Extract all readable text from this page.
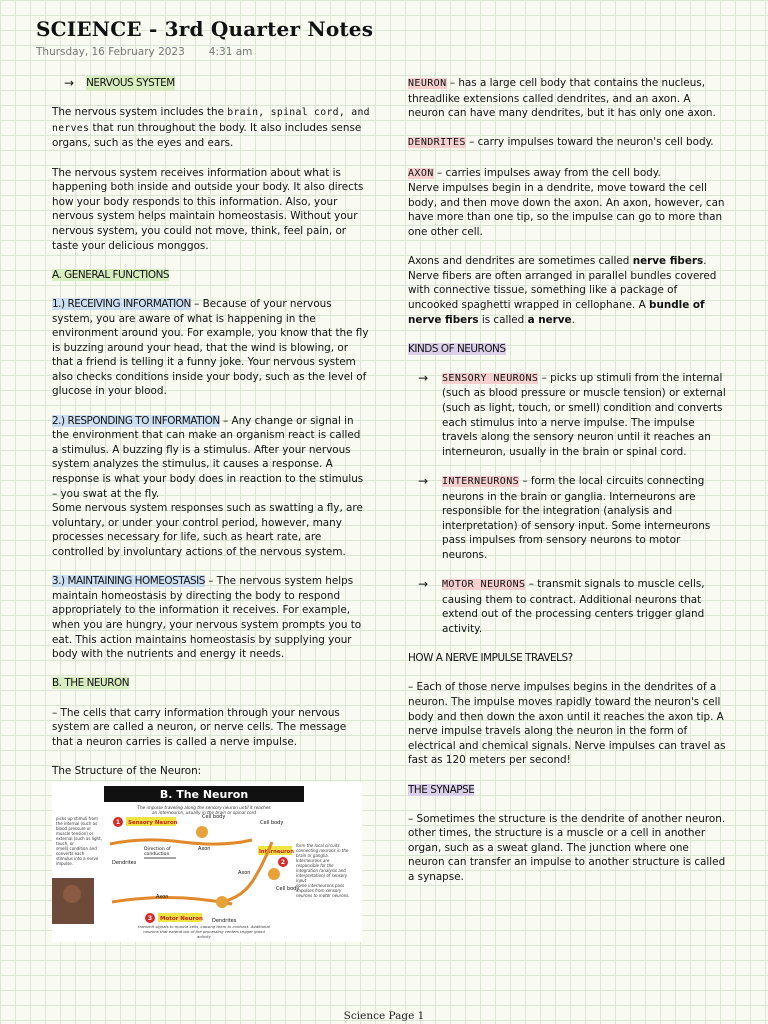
SCIENCE - 3rd Quarter Notes
Thursday, 16 February 2023 4:31 am
→ NERVOUS SYSTEM

The nervous system includes the brain, spinal cord, and nerves that run throughout the body. It also includes sense organs, such as the eyes and ears.

The nervous system receives information about what is happening both inside and outside your body. It also directs how your body responds to this information. Also, your nervous system helps maintain homeostasis. Without your nervous system, you could not move, think, feel pain, or taste your delicious monggos.

A. GENERAL FUNCTIONS

1.) RECEIVING INFORMATION – Because of your nervous system, you are aware of what is happening in the environment around you. For example, you know that the fly is buzzing around your head, that the wind is blowing, or that a friend is telling it a funny joke. Your nervous system also checks conditions inside your body, such as the level of glucose in your blood.

2.) RESPONDING TO INFORMATION – Any change or signal in the environment that can make an organism react is called a stimulus. A buzzing fly is a stimulus. After your nervous system analyzes the stimulus, it causes a response. A response is what your body does in reaction to the stimulus – you swat at the fly.

Some nervous system responses such as swatting a fly, are voluntary, or under your control period, however, many processes necessary for life, such as heart rate, are controlled by involuntary actions of the nervous system.

3.) MAINTAINING HOMEOSTASIS – The nervous system helps maintain homeostasis by directing the body to respond appropriately to the information it receives. For example, when you are hungry, your nervous system prompts you to eat. This action maintains homeostasis by supplying your body with the nutrients and energy it needs.

B. THE NEURON

– The cells that carry information through your nervous system are called a neuron, or nerve cells. The message that a neuron carries is called a nerve impulse.

The Structure of the Neuron:

B. The Neuron
The impulse traveling along the sensory neuron until it reaches
an interneuron, usually in the brain or spinal cord
picks up stimuli from
the internal (such as
blood pressure or
muscle tension) or
external (such as light,
touch, or
smell) condition and
converts each
stimulus into a nerve
impulse.
1 Sensory Neuron
Cell body
Cell body
Dendrites
Direction of
conduction
Axon	Interneuron
2
Axon
Cell body
form the local circuits
connecting neurons in the
brain or ganglia.
Interneurons are
responsible for the
integration (analysis and
interpretation) of sensory
input
some interneurons pass
impulses from sensory
neurons to motor neurons.
Axon
3 Motor Neuron Dendrites
transmit signals to muscle cells, causing them to contract. Additional
neurons that extend out of the processing centers trigger gland
activity

NEURON – has a large cell body that contains the nucleus, threadlike extensions called dendrites, and an axon. A neuron can have many dendrites, but it has only one axon.

DENDRITES – carry impulses toward the neuron's cell body.

AXON – carries impulses away from the cell body.

Nerve impulses begin in a dendrite, move toward the cell body, and then move down the axon. An axon, however, can have more than one tip, so the impulse can go to more than one other cell.

Axons and dendrites are sometimes called nerve fibers. Nerve fibers are often arranged in parallel bundles covered with connective tissue, something like a package of uncooked spaghetti wrapped in cellophane. A bundle of nerve fibers is called a nerve.

KINDS OF NEURONS

→	SENSORY NEURONS – picks up stimuli from the internal (such as blood pressure or muscle tension) or external (such as light, touch, or smell) condition and converts each stimulus into a nerve impulse. The impulse travels along the sensory neuron until it reaches an interneuron, usually in the brain or spinal cord.

→	INTERNEURONS – form the local circuits connecting neurons in the brain or ganglia. Interneurons are responsible for the integration (analysis and interpretation) of sensory input. Some interneurons pass impulses from sensory neurons to motor neurons.

→	MOTOR NEURONS – transmit signals to muscle cells, causing them to contract. Additional neurons that extend out of the processing centers trigger gland activity.

HOW A NERVE IMPULSE TRAVELS?

– Each of those nerve impulses begins in the dendrites of a neuron. The impulse moves rapidly toward the neuron's cell body and then down the axon until it reaches the axon tip. A nerve impulse travels along the neuron in the form of electrical and chemical signals. Nerve impulses can travel as fast as 120 meters per second!

THE SYNAPSE

– Sometimes the structure is the dendrite of another neuron. other times, the structure is a muscle or a cell in another organ, such as a sweat gland. The junction where one neuron can transfer an impulse to another structure is called

a synapse.

Science Page 1
